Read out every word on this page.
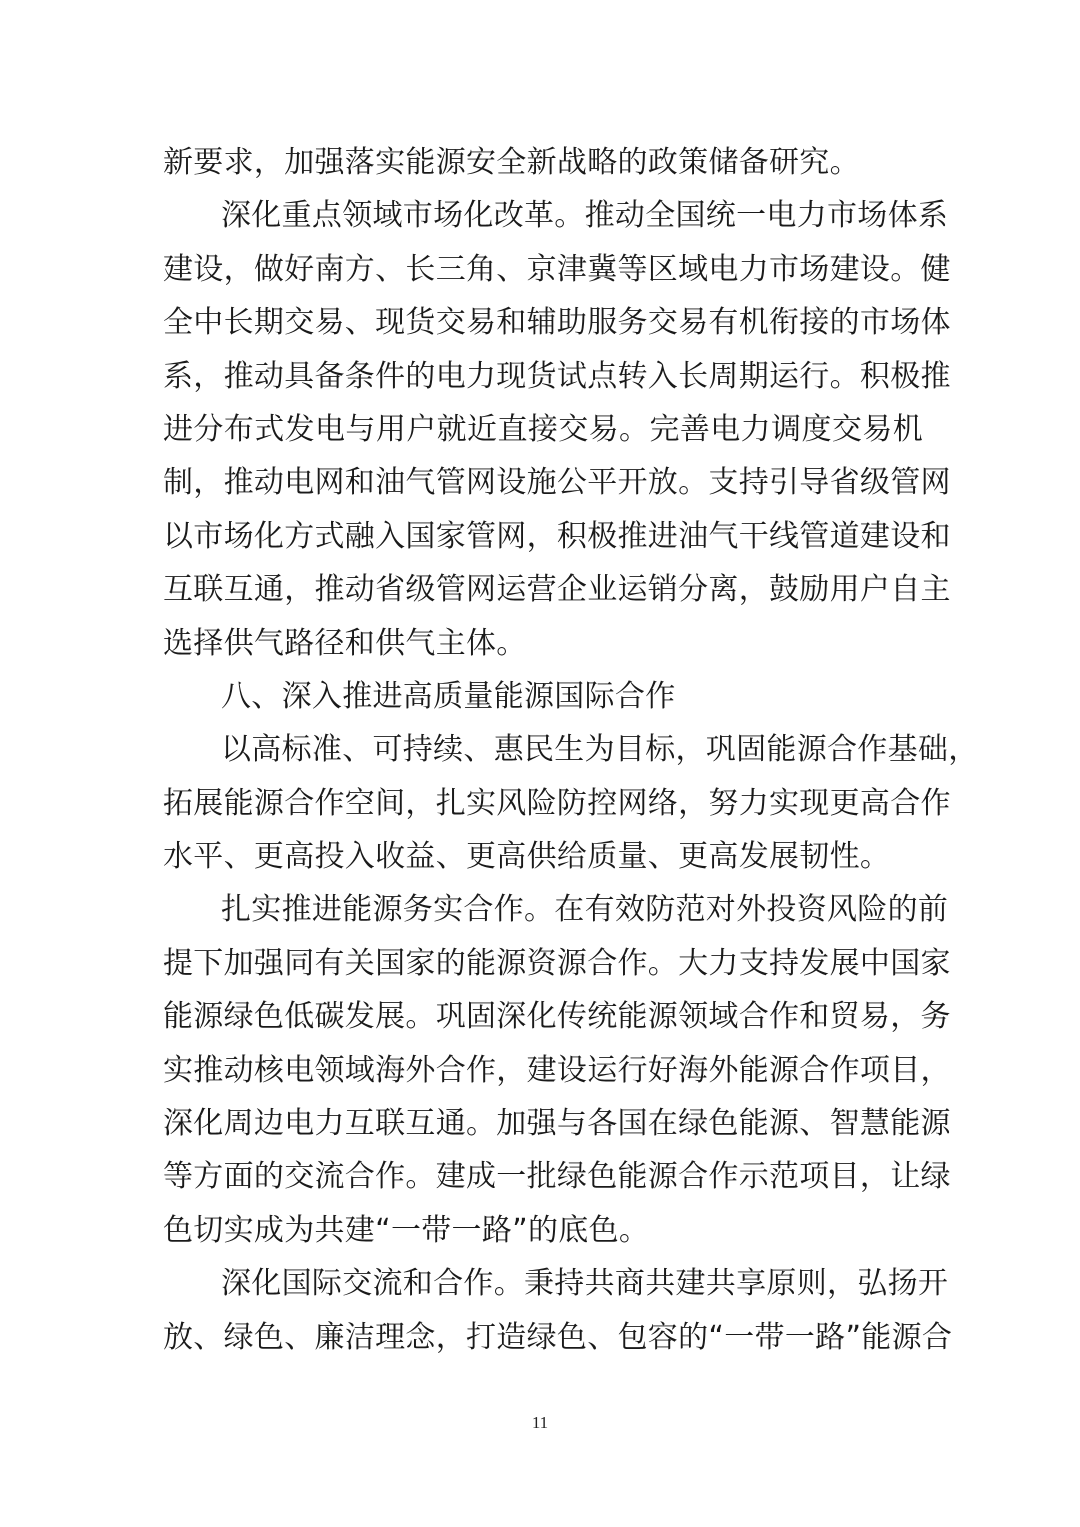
新要求，加强落实能源安全新战略的政策储备研究。
深化重点领域市场化改革。推动全国统一电力市场体系
建设，做好南方、长三角、京津冀等区域电力市场建设。健
全中长期交易、现货交易和辅助服务交易有机衔接的市场体
系，推动具备条件的电力现货试点转入长周期运行。积极推
进分布式发电与用户就近直接交易。完善电力调度交易机
制，推动电网和油气管网设施公平开放。支持引导省级管网
以市场化方式融入国家管网，积极推进油气干线管道建设和
互联互通，推动省级管网运营企业运销分离，鼓励用户自主
选择供气路径和供气主体。
八、深入推进高质量能源国际合作
以高标准、可持续、惠民生为目标，巩固能源合作基础，
拓展能源合作空间，扎实风险防控网络，努力实现更高合作
水平、更高投入收益、更高供给质量、更高发展韧性。
扎实推进能源务实合作。在有效防范对外投资风险的前
提下加强同有关国家的能源资源合作。大力支持发展中国家
能源绿色低碳发展。巩固深化传统能源领域合作和贸易，务
实推动核电领域海外合作，建设运行好海外能源合作项目，
深化周边电力互联互通。加强与各国在绿色能源、智慧能源
等方面的交流合作。建成一批绿色能源合作示范项目，让绿
色切实成为共建“一带一路”的底色。
深化国际交流和合作。秉持共商共建共享原则，弘扬开
放、绿色、廉洁理念，打造绿色、包容的“一带一路”能源合
11
